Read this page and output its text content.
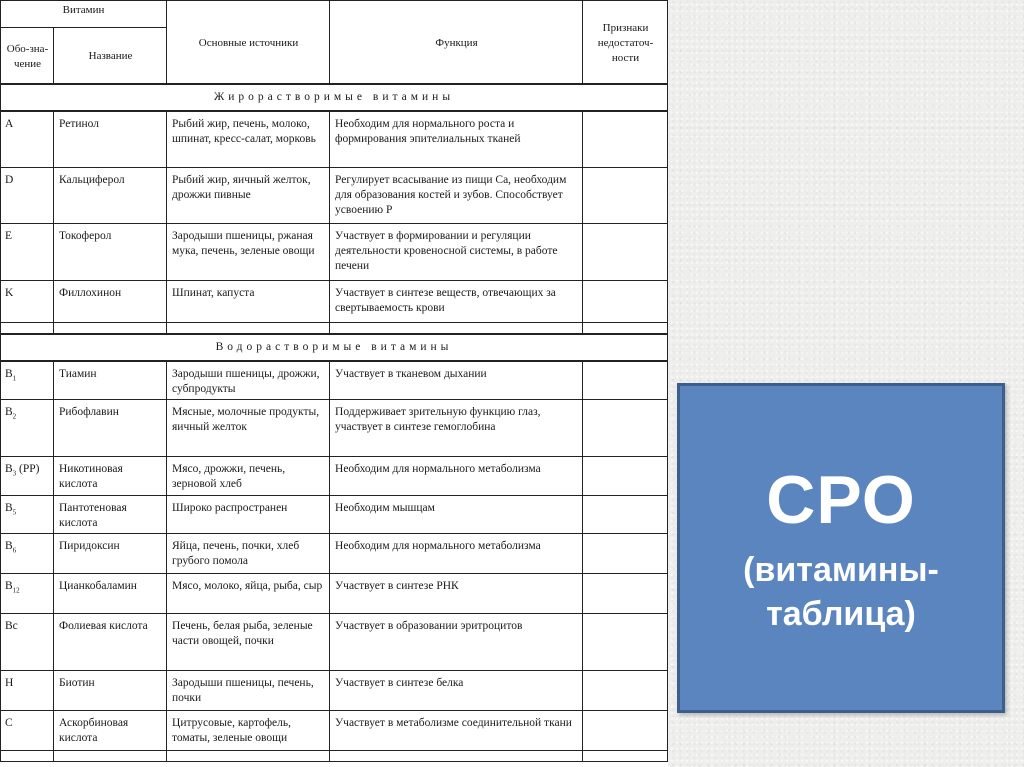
Витамин		Основные источники	Функция	Признаки недостаточ-ности
Обо-зна-чение	Название			
Жирорастворимые витамины				
A	Ретинол	Рыбий жир, печень, молоко, шпинат, кресс-салат, морковь	Необходим для нормального роста и формирования эпителиальных тканей	
D	Кальциферол	Рыбий жир, яичный желток, дрожжи пивные	Регулирует всасывание из пищи Са, необходим для образования костей и зубов. Способствует усвоению Р	
E	Токоферол	Зародыши пшеницы, ржаная мука, печень, зеленые овощи	Участвует в формировании и регуляции деятельности кровеносной системы, в работе печени	
K	Филлохинон	Шпинат, капуста	Участвует в синтезе веществ, отвечающих за свертываемость крови	

Водорастворимые витамины				
$B_1$	Тиамин	Зародыши пшеницы, дрожжи, субпродукты	Участвует в тканевом дыхании	
$B_2$	Рибофлавин	Мясные, молочные продукты, яичный желток	Поддерживает зрительную функцию глаз, участвует в синтезе гемоглобина	
$B_3$ (PP)	Никотиновая кислота	Мясо, дрожжи, печень, зерновой хлеб	Необходим для нормального метаболизма	
$B_5$	Пантотеновая кислота	Широко распространен	Необходим мышцам	
$B_6$	Пиридоксин	Яйца, печень, почки, хлеб грубого помола	Необходим для нормального метаболизма	
$B_{12}$	Цианкобаламин	Мясо, молоко, яйца, рыба, сыр	Участвует в синтезе РНК	
Bc	Фолиевая кислота	Печень, белая рыба, зеленые части овощей, почки	Участвует в образовании эритроцитов	
H	Биотин	Зародыши пшеницы, печень, почки	Участвует в синтезе белка	
C	Аскорбиновая кислота	Цитрусовые, картофель, томаты, зеленые овощи	Участвует в метаболизме соединительной ткани	

СРО
(витамины-таблица)
